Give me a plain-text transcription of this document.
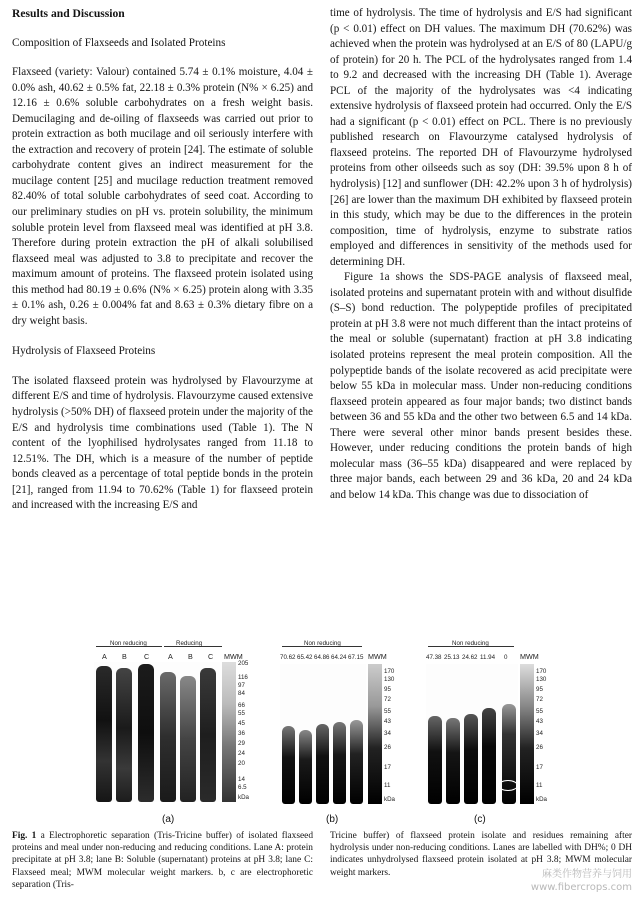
Results and Discussion
Composition of Flaxseeds and Isolated Proteins

Flaxseed (variety: Valour) contained 5.74 ± 0.1% moisture, 4.04 ± 0.0% ash, 40.62 ± 0.5% fat, 22.18 ± 0.3% protein (N% × 6.25) and 12.16 ± 0.6% soluble carbohydrates on a fresh weight basis. Demucilaging and de-oiling of flaxseeds was carried out prior to protein extraction as both mucilage and oil seriously interfere with the extraction and recovery of protein [24]. The estimate of soluble carbohydrate content gives an indirect measurement for the mucilage content [25] and mucilage reduction treatment removed 82.40% of total soluble carbohydrates of seed coat. According to our preliminary studies on pH vs. protein solubility, the minimum soluble protein level from flaxseed meal was identified at pH 3.8. Therefore during protein extraction the pH of alkali solubilised flaxseed meal was adjusted to 3.8 to precipitate and recover the maximum amount of proteins. The flaxseed protein isolated using this method had 80.19 ± 0.6% (N% × 6.25) protein along with 3.35 ± 0.1% ash, 0.26 ± 0.004% fat and 8.63 ± 0.3% dietary fibre on a dry weight basis.

Hydrolysis of Flaxseed Proteins

The isolated flaxseed protein was hydrolysed by Flavourzyme at different E/S and time of hydrolysis. Flavourzyme caused extensive hydrolysis (>50% DH) of flaxseed protein under the majority of the E/S and hydrolysis time combinations used (Table 1). The N content of the lyophilised hydrolysates ranged from 11.18 to 12.51%. The DH, which is a measure of the number of peptide bonds cleaved as a percentage of total peptide bonds in the protein [21], ranged from 11.94 to 70.62% (Table 1) for flaxseed protein and increased with the increasing E/S and

time of hydrolysis. The time of hydrolysis and E/S had significant (p < 0.01) effect on DH values. The maximum DH (70.62%) was achieved when the protein was hydrolysed at an E/S of 80 (LAPU/g of protein) for 20 h. The PCL of the hydrolysates ranged from 1.4 to 9.2 and decreased with the increasing DH (Table 1). Average PCL of the majority of the hydrolysates was <4 indicating extensive hydrolysis of flaxseed protein had occurred. Only the E/S had a significant (p < 0.01) effect on PCL. There is no previously published research on Flavourzyme catalysed hydrolysis of flaxseed proteins. The reported DH of Flavourzyme hydrolysed proteins from other oilseeds such as soy (DH: 39.5% upon 8 h of hydrolysis) [12] and sunflower (DH: 42.2% upon 3 h of hydrolysis) [26] are lower than the maximum DH exhibited by flaxseed protein in this study, which may be due to the differences in the protein composition, time of hydrolysis, enzyme to substrate ratios employed and differences in sensitivity of the methods used for determining DH.

Figure 1a shows the SDS-PAGE analysis of flaxseed meal, isolated proteins and supernatant protein with and without disulfide (S–S) bond reduction. The polypeptide profiles of precipitated protein at pH 3.8 were not much different than the intact proteins of the meal or soluble (supernatant) fraction at pH 3.8 indicating isolated proteins represent the meal protein composition. All the polypeptide bands of the isolate recovered as acid precipitate were below 55 kDa in molecular mass. Under non-reducing conditions flaxseed protein appeared as four major bands; two distinct bands between 36 and 55 kDa and the other two between 6.5 and 14 kDa. There were several other minor bands present besides these. However, under reducing conditions the protein bands of high molecular mass (36–55 kDa) disappeared and were replaced by three major bands, each between 29 and 36 kDa, 20 and 24 kDa and below 14 kDa. This change was due to dissociation of

Non reducing	Reducing
A B C	A B C MWM
205
116
97
84
66
55
45
36
29
24
20
14
6.5
kDa
(a)
Non reducing
70.62 65.42 64.86 64.24 67.15 MWM
170
130
95
72
55
43
34
26
17
11
kDa
(b)
Non reducing
47.38 25.13 24.62 11.94 0 MWM
170
130
95
72
55
43
34
26
17
11
kDa
(c)

Fig. 1 a Electrophoretic separation (Tris-Tricine buffer) of isolated flaxseed proteins and meal under non-reducing and reducing conditions. Lane A: protein precipitate at pH 3.8; lane B: Soluble (supernatant) proteins at pH 3.8; lane C: Flaxseed meal; MWM molecular weight markers. b, c are electrophoretic separation (Tris-

Tricine buffer) of flaxseed protein isolate and residues remaining after hydrolysis under non-reducing conditions. Lanes are labelled with DH%; 0 DH indicates unhydrolysed flaxseed protein isolated at pH 3.8; MWM molecular weight markers.	麻类作物营养与饲用
www.fibercrops.com
